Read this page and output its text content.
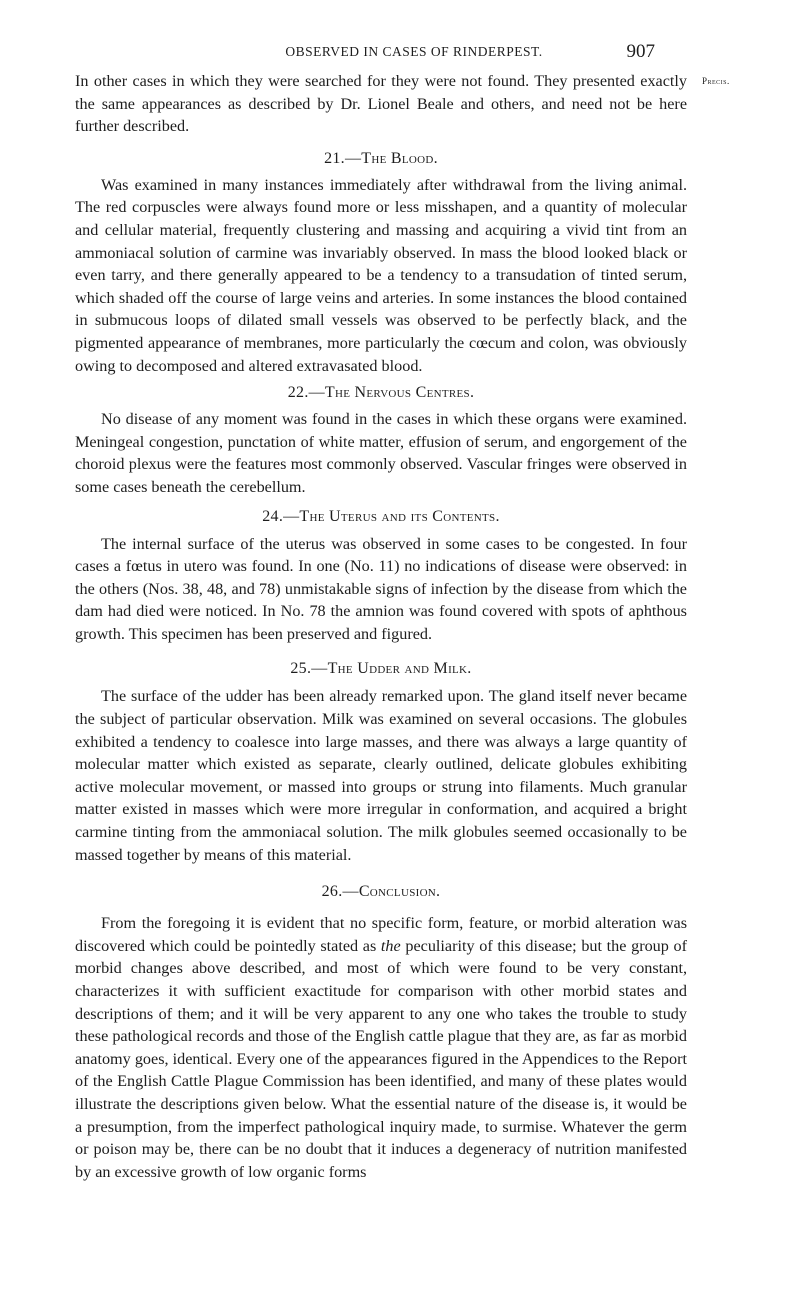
OBSERVED IN CASES OF RINDERPEST.	907
Precis.

In other cases in which they were searched for they were not found. They presented exactly the same appearances as described by Dr. Lionel Beale and others, and need not be here further described.

21.—The Blood.

Was examined in many instances immediately after withdrawal from the living animal. The red corpuscles were always found more or less misshapen, and a quantity of molecular and cellular material, frequently clustering and massing and acquiring a vivid tint from an ammoniacal solution of carmine was invariably observed. In mass the blood looked black or even tarry, and there generally appeared to be a tendency to a transudation of tinted serum, which shaded off the course of large veins and arteries. In some instances the blood contained in submucous loops of dilated small vessels was observed to be perfectly black, and the pigmented appearance of membranes, more particularly the cœcum and colon, was obviously owing to decomposed and altered extravasated blood.

22.—The Nervous Centres.

No disease of any moment was found in the cases in which these organs were examined. Meningeal congestion, punctation of white matter, effusion of serum, and engorgement of the choroid plexus were the features most commonly observed. Vascular fringes were observed in some cases beneath the cerebellum.

24.—The Uterus and its Contents.

The internal surface of the uterus was observed in some cases to be congested. In four cases a fœtus in utero was found. In one (No. 11) no indications of disease were observed: in the others (Nos. 38, 48, and 78) unmistakable signs of infection by the disease from which the dam had died were noticed. In No. 78 the amnion was found covered with spots of aphthous growth. This specimen has been preserved and figured.

25.—The Udder and Milk.

The surface of the udder has been already remarked upon. The gland itself never became the subject of particular observation. Milk was examined on several occasions. The globules exhibited a tendency to coalesce into large masses, and there was always a large quantity of molecular matter which existed as separate, clearly outlined, delicate globules exhibiting active molecular movement, or massed into groups or strung into filaments. Much granular matter existed in masses which were more irregular in conformation, and acquired a bright carmine tinting from the ammoniacal solution. The milk globules seemed occasionally to be massed together by means of this material.

26.—Conclusion.

From the foregoing it is evident that no specific form, feature, or morbid alteration was discovered which could be pointedly stated as the peculiarity of this disease; but the group of morbid changes above described, and most of which were found to be very constant, characterizes it with sufficient exactitude for comparison with other morbid states and descriptions of them; and it will be very apparent to any one who takes the trouble to study these pathological records and those of the English cattle plague that they are, as far as morbid anatomy goes, identical. Every one of the appearances figured in the Appendices to the Report of the English Cattle Plague Commission has been identified, and many of these plates would illustrate the descriptions given below. What the essential nature of the disease is, it would be a presumption, from the imperfect pathological inquiry made, to surmise. Whatever the germ or poison may be, there can be no doubt that it induces a degeneracy of nutrition manifested by an excessive growth of low organic forms
